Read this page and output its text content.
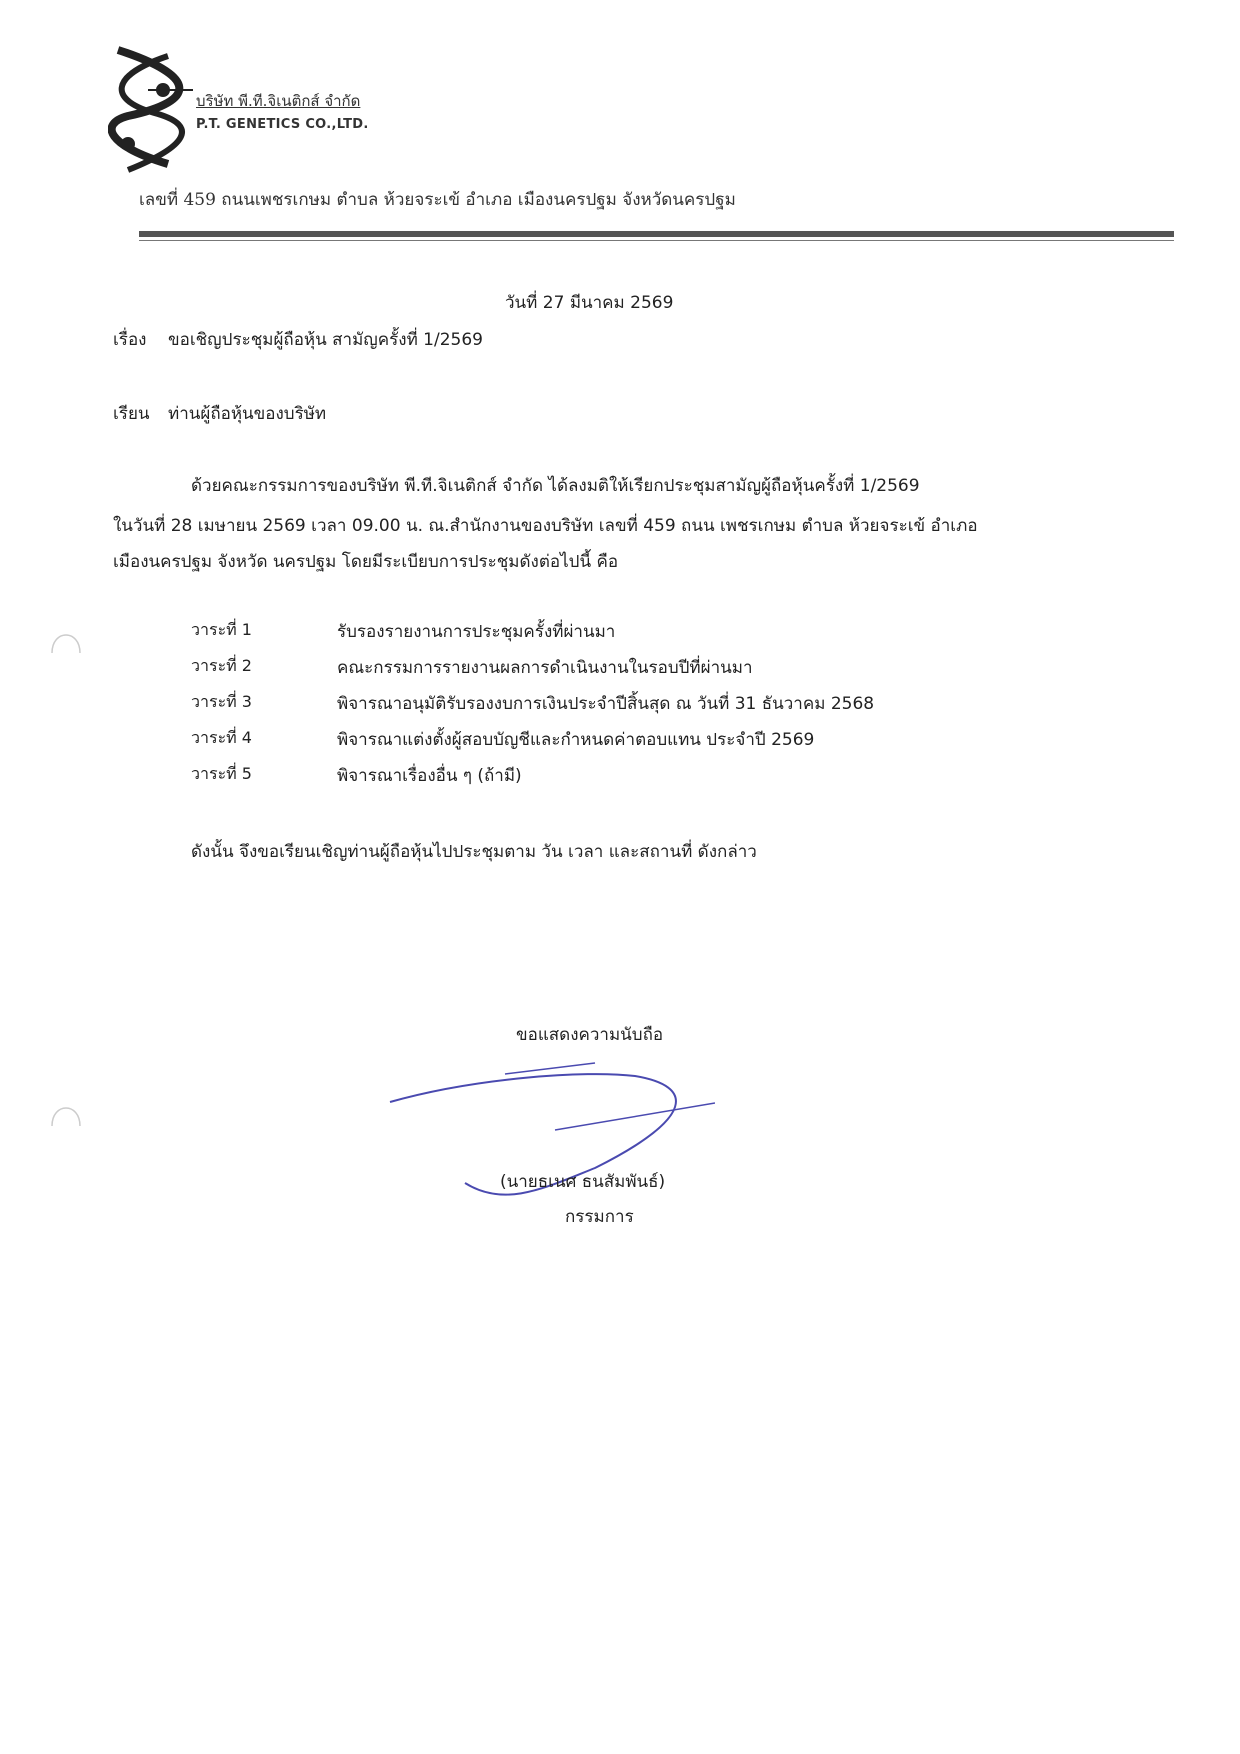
บริษัท พี.ที.จิเนติกส์ จำกัด
P.T. GENETICS CO.,LTD.
เลขที่ 459 ถนนเพชรเกษม ตำบล ห้วยจระเข้ อำเภอ เมืองนครปฐม จังหวัดนครปฐม
วันที่ 27 มีนาคม 2569
เรื่อง ขอเชิญประชุมผู้ถือหุ้น สามัญครั้งที่ 1/2569
เรียน ท่านผู้ถือหุ้นของบริษัท
ด้วยคณะกรรมการของบริษัท พี.ที.จิเนติกส์ จำกัด ได้ลงมติให้เรียกประชุมสามัญผู้ถือหุ้นครั้งที่ 1/2569
ในวันที่ 28 เมษายน 2569 เวลา 09.00 น. ณ.สำนักงานของบริษัท เลขที่ 459 ถนน เพชรเกษม ตำบล ห้วยจระเข้ อำเภอ
เมืองนครปฐม จังหวัด นครปฐม โดยมีระเบียบการประชุมดังต่อไปนี้ คือ
วาระที่ 1	รับรองรายงานการประชุมครั้งที่ผ่านมา
วาระที่ 2	คณะกรรมการรายงานผลการดำเนินงานในรอบปีที่ผ่านมา
วาระที่ 3	พิจารณาอนุมัติรับรองงบการเงินประจำปีสิ้นสุด ณ วันที่ 31 ธันวาคม 2568
วาระที่ 4	พิจารณาแต่งตั้งผู้สอบบัญชีและกำหนดค่าตอบแทน ประจำปี 2569
วาระที่ 5	พิจารณาเรื่องอื่น ๆ (ถ้ามี)
ดังนั้น จึงขอเรียนเชิญท่านผู้ถือหุ้นไปประชุมตาม วัน เวลา และสถานที่ ดังกล่าว
ขอแสดงความนับถือ
(นายธเนศ ธนสัมพันธ์)
กรรมการ
